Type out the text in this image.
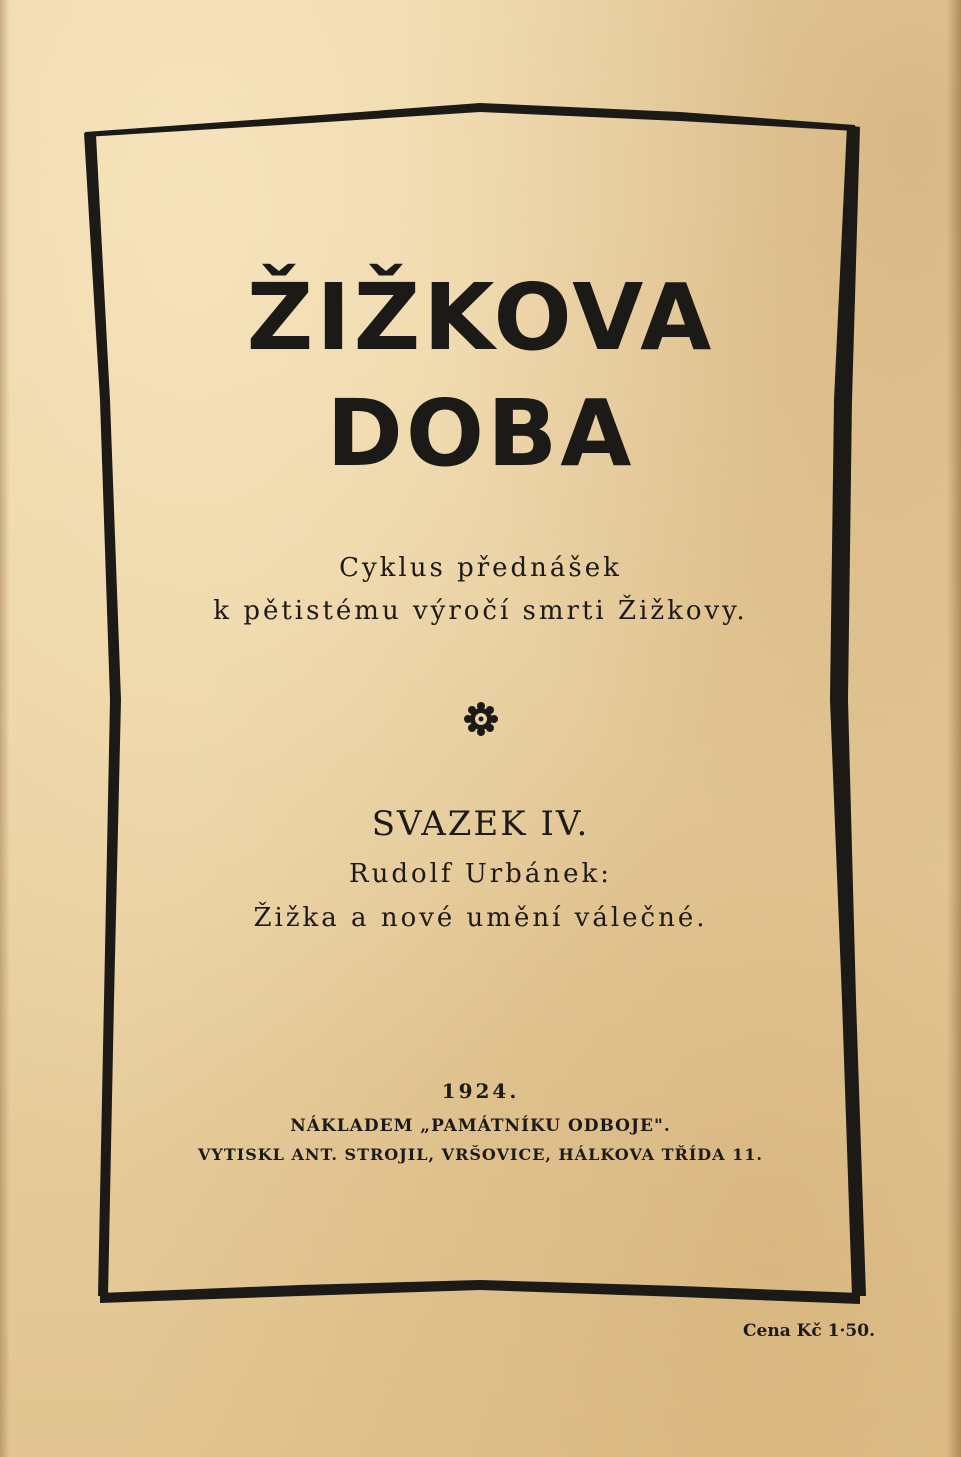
ŽIŽKOVA
DOBA
Cyklus přednášek
k pětistému výročí smrti Žižkovy.
SVAZEK IV.
Rudolf Urbánek:
Žižka a nové umění válečné.
1924.
NÁKLADEM „PAMÁTNÍKU ODBOJE".
VYTISKL ANT. STROJIL, VRŠOVICE, HÁLKOVA TŘÍDA 11.
Cena Kč 1·50.
